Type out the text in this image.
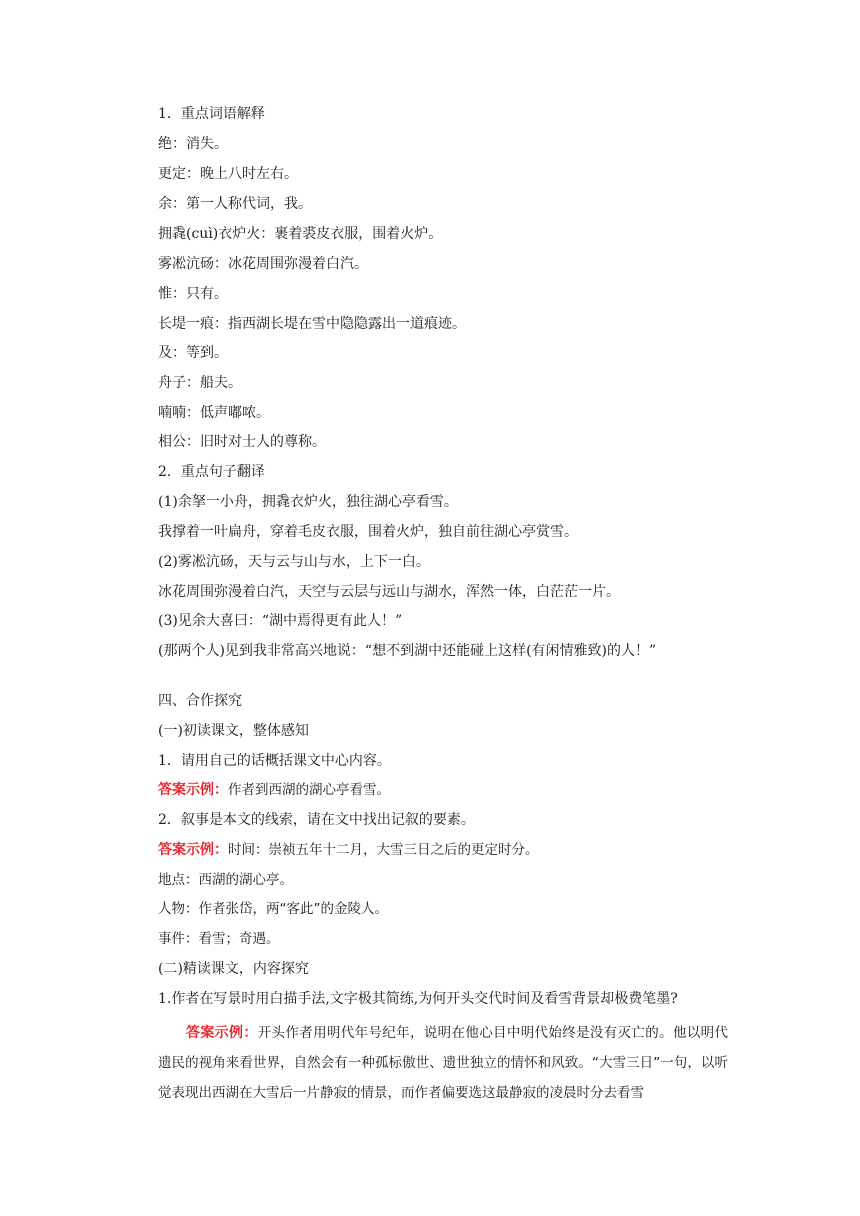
1．重点词语解释
绝：消失。
更定：晚上八时左右。
余：第一人称代词，我。
拥毳(cuì)衣炉火：裹着裘皮衣服，围着火炉。
雾凇沆砀：冰花周围弥漫着白汽。
惟：只有。
长堤一痕：指西湖长堤在雪中隐隐露出一道痕迹。
及：等到。
舟子：船夫。
喃喃：低声嘟哝。
相公：旧时对士人的尊称。
2．重点句子翻译
(1)余拏一小舟，拥毳衣炉火，独往湖心亭看雪。
我撑着一叶扁舟，穿着毛皮衣服，围着火炉，独自前往湖心亭赏雪。
(2)雾凇沆砀，天与云与山与水，上下一白。
冰花周围弥漫着白汽，天空与云层与远山与湖水，浑然一体，白茫茫一片。
(3)见余大喜曰：“湖中焉得更有此人！”
(那两个人)见到我非常高兴地说：“想不到湖中还能碰上这样(有闲情雅致)的人！”
四、合作探究
(一)初读课文，整体感知
1．请用自己的话概括课文中心内容。
答案示例：作者到西湖的湖心亭看雪。
2．叙事是本文的线索，请在文中找出记叙的要素。
答案示例：时间：崇祯五年十二月，大雪三日之后的更定时分。
地点：西湖的湖心亭。
人物：作者张岱，两“客此”的金陵人。
事件：看雪；奇遇。
(二)精读课文，内容探究
1.作者在写景时用白描手法,文字极其简练,为何开头交代时间及看雪背景却极费笔墨?
答案示例：开头作者用明代年号纪年，说明在他心目中明代始终是没有灭亡的。他以明代遗民的视角来看世界，自然会有一种孤标傲世、遗世独立的情怀和风致。“大雪三日”一句，以听觉表现出西湖在大雪后一片静寂的情景，而作者偏要选这最静寂的凌晨时分去看雪
